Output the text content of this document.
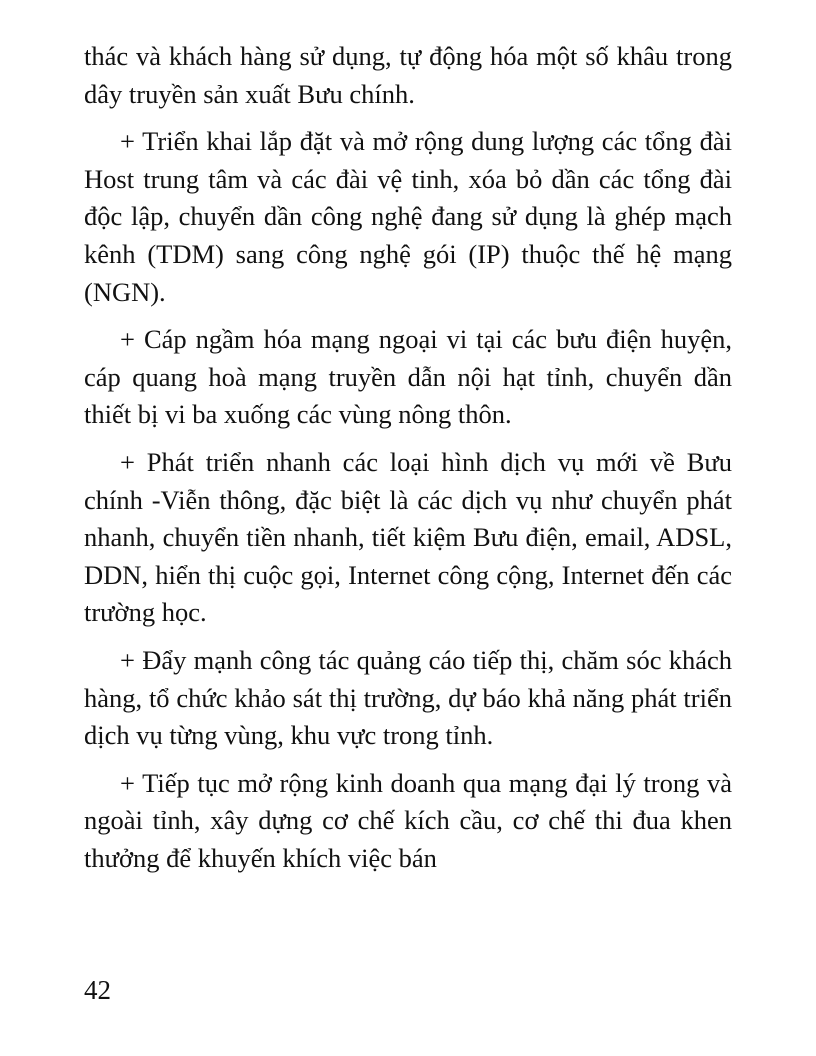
thác và khách hàng sử dụng, tự động hóa một số khâu trong dây truyền sản xuất Bưu chính.

+ Triển khai lắp đặt và mở rộng dung lượng các tổng đài Host trung tâm và các đài vệ tinh, xóa bỏ dần các tổng đài độc lập, chuyển dần công nghệ đang sử dụng là ghép mạch kênh (TDM) sang công nghệ gói (IP) thuộc thế hệ mạng (NGN).

+ Cáp ngầm hóa mạng ngoại vi tại các bưu điện huyện, cáp quang hoà mạng truyền dẫn nội hạt tỉnh, chuyển dần thiết bị vi ba xuống các vùng nông thôn.

+ Phát triển nhanh các loại hình dịch vụ mới về Bưu chính -Viễn thông, đặc biệt là các dịch vụ như chuyển phát nhanh, chuyển tiền nhanh, tiết kiệm Bưu điện, email, ADSL, DDN, hiển thị cuộc gọi, Internet công cộng, Internet đến các trường học.

+ Đẩy mạnh công tác quảng cáo tiếp thị, chăm sóc khách hàng, tổ chức khảo sát thị trường, dự báo khả năng phát triển dịch vụ từng vùng, khu vực trong tỉnh.

+ Tiếp tục mở rộng kinh doanh qua mạng đại lý trong và ngoài tỉnh, xây dựng cơ chế kích cầu, cơ chế thi đua khen thưởng để khuyến khích việc bán

42
